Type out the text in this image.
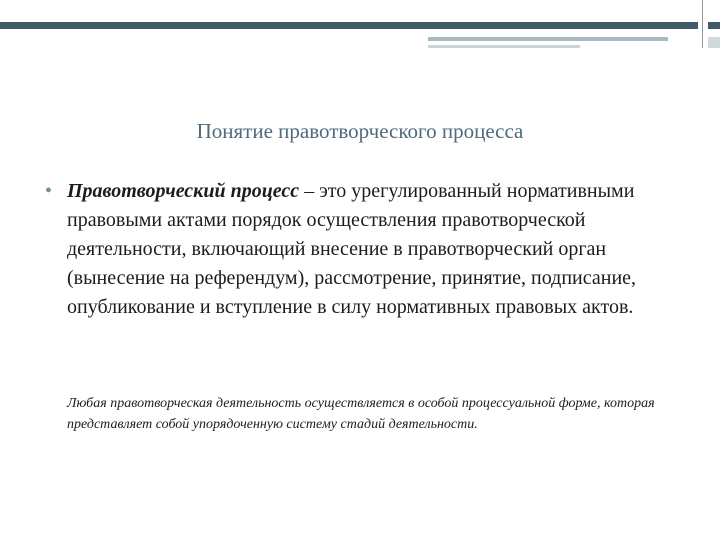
60
Понятие правотворческого процесса
• Правотворческий процесс – это урегулированный нормативными правовыми актами порядок осуществления правотворческой деятельности, включающий внесение в правотворческий орган (вынесение на референдум), рассмотрение, принятие, подписание, опубликование и вступление в силу нормативных правовых актов.
Любая правотворческая деятельность осуществляется в особой процессуальной форме, которая представляет собой упорядоченную систему стадий деятельности.
